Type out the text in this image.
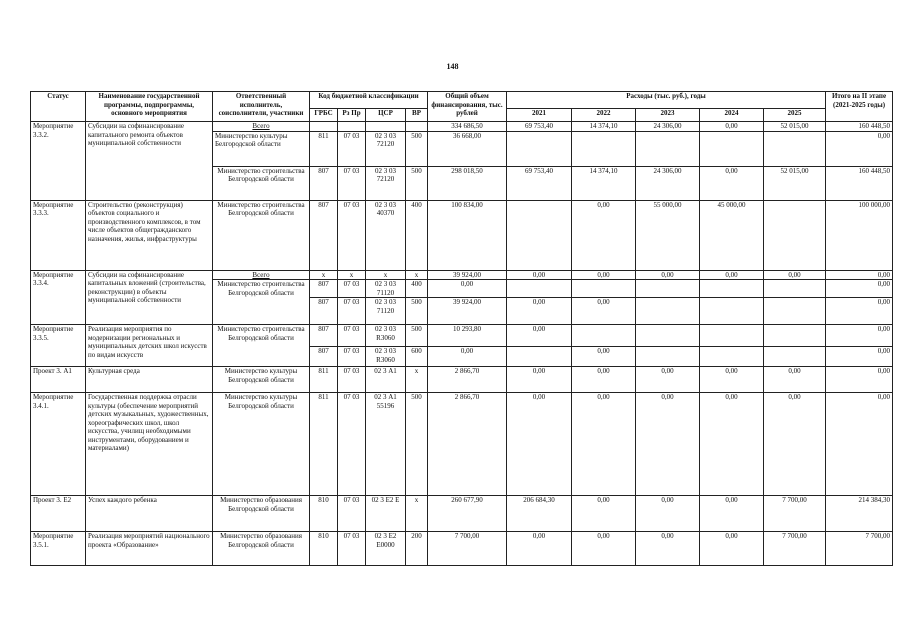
148
Статус	Наименование государственной программы, подпрограммы, основного мероприятия	Ответственный исполнитель, соисполнители, участники	Код бюджетной классификации				Общий объем финансирования, тыс. рублей	Расходы (тыс. руб.), годы					Итого на II этапе (2021-2025 годы)
			ГРБС	Рз Пр	ЦСР	ВР		2021	2022	2023	2024	2025	
Мероприятие 3.3.2.	Субсидии на софинансирование капитального ремонта объектов муниципальной собственности	Всего					334 686,50	69 753,40	14 374,10	24 306,00	0,00	52 015,00	160 448,50
		Министерство культуры Белгородской области	811	07 03	02 3 03 72120	500	36 668,00						0,00
		Министерство строительства Белгородской области	807	07 03	02 3 03 72120	500	298 018,50	69 753,40	14 374,10	24 306,00	0,00	52 015,00	160 448,50
Мероприятие 3.3.3.	Строительство (реконструкция) объектов социального и производственного комплексов, в том числе объектов общегражданского назначения, жилья, инфраструктуры	Министерство строительства Белгородской области	807	07 03	02 3 03 40370	400	100 834,00		0,00	55 000,00	45 000,00		100 000,00
Мероприятие 3.3.4.	Субсидии на софинансирование капитальных вложений (строительства, реконструкции) в объекты муниципальной собственности	Всего	х	х	х	х	39 924,00	0,00	0,00	0,00	0,00	0,00	0,00
		Министерство строительства Белгородской области	807	07 03	02 3 03 71120	400	0,00						0,00
			807	07 03	02 3 03 71120	500	39 924,00	0,00	0,00				0,00
Мероприятие 3.3.5.	Реализация мероприятия по модернизации региональных и муниципальных детских школ искусств по видам искусств	Министерство строительства Белгородской области	807	07 03	02 3 03 R3060	500	10 293,80	0,00					0,00
			807	07 03	02 3 03 R3060	600	0,00		0,00				0,00
Проект 3. А1	Культурная среда	Министерство культуры Белгородской области	811	07 03	02 3 А1	х	2 866,70	0,00	0,00	0,00	0,00	0,00	0,00
Мероприятие 3.4.1.	Государственная поддержка отрасли культуры (обеспечение мероприятий детских музыкальных, художественных, хореографических школ, школ искусства, училищ необходимыми инструментами, оборудованием и материалами)	Министерство культуры Белгородской области	811	07 03	02 3 А1 55196	500	2 866,70	0,00	0,00	0,00	0,00	0,00	0,00
Проект 3. Е2	Успех каждого ребенка	Министерство образования Белгородской области	810	07 03	02 3 Е2 Е	х	260 677,90	206 684,30	0,00	0,00	0,00	7 700,00	214 384,30
Мероприятие 3.5.1.	Реализация мероприятий национального проекта «Образование»	Министерство образования Белгородской области	810	07 03	02 3 Е2 Е0000	200	7 700,00	0,00	0,00	0,00	0,00	7 700,00	7 700,00
